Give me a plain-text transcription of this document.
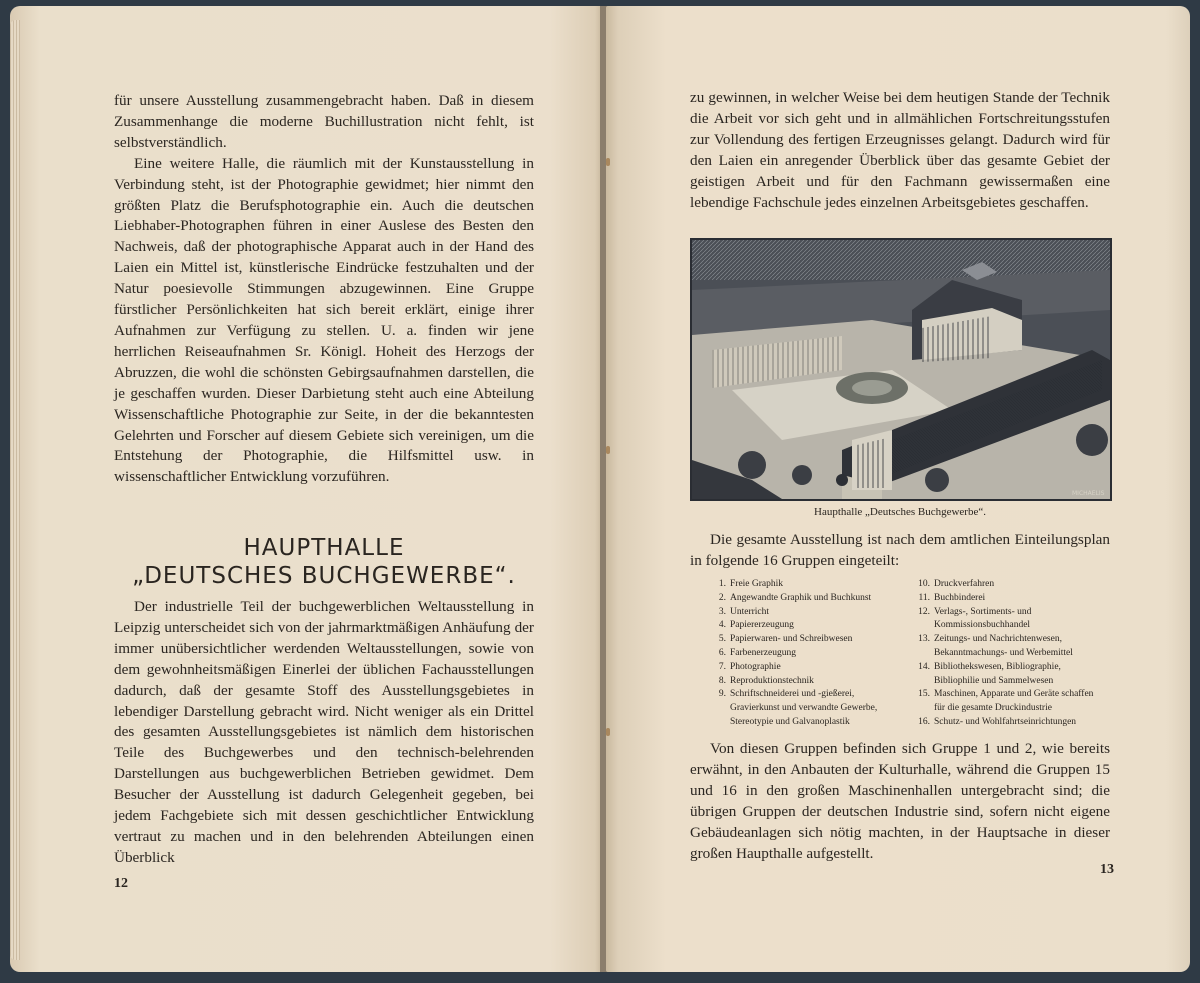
für unsere Ausstellung zusammengebracht haben. Daß in diesem Zusammenhange die moderne Buchillustration nicht fehlt, ist selbstverständlich.

Eine weitere Halle, die räumlich mit der Kunstausstellung in Verbindung steht, ist der Photographie gewidmet; hier nimmt den größten Platz die Berufsphotographie ein. Auch die deutschen Liebhaber-Photographen führen in einer Auslese des Besten den Nachweis, daß der photographische Apparat auch in der Hand des Laien ein Mittel ist, künstlerische Eindrücke festzuhalten und der Natur poesievolle Stimmungen abzugewinnen. Eine Gruppe fürstlicher Persönlichkeiten hat sich bereit erklärt, einige ihrer Aufnahmen zur Verfügung zu stellen. U. a. finden wir jene herrlichen Reiseaufnahmen Sr. Königl. Hoheit des Herzogs der Abruzzen, die wohl die schönsten Gebirgsaufnahmen darstellen, die je geschaffen wurden. Dieser Darbietung steht auch eine Abteilung Wissenschaftliche Photographie zur Seite, in der die bekanntesten Gelehrten und Forscher auf diesem Gebiete sich vereinigen, um die Entstehung der Photographie, die Hilfsmittel usw. in wissenschaftlicher Entwicklung vorzuführen.

HAUPTHALLE
„DEUTSCHES BUCHGEWERBE“.

Der industrielle Teil der buchgewerblichen Weltausstellung in Leipzig unterscheidet sich von der jahrmarktmäßigen Anhäufung der immer unübersichtlicher werdenden Weltausstellungen, sowie von dem gewohnheitsmäßigen Einerlei der üblichen Fachausstellungen dadurch, daß der gesamte Stoff des Ausstellungsgebietes in lebendiger Darstellung gebracht wird. Nicht weniger als ein Drittel des gesamten Ausstellungsgebietes ist nämlich dem historischen Teile des Buchgewerbes und den technisch-belehrenden Darstellungen aus buchgewerblichen Betrieben gewidmet. Dem Besucher der Ausstellung ist dadurch Gelegenheit gegeben, bei jedem Fachgebiete sich mit dessen geschichtlicher Entwicklung vertraut zu machen und in den belehrenden Abteilungen einen Überblick

12

zu gewinnen, in welcher Weise bei dem heutigen Stande der Technik die Arbeit vor sich geht und in allmählichen Fortschreitungsstufen zur Vollendung des fertigen Erzeugnisses gelangt. Dadurch wird für den Laien ein anregender Überblick über das gesamte Gebiet der geistigen Arbeit und für den Fachmann gewissermaßen eine lebendige Fachschule jedes einzelnen Arbeitsgebietes geschaffen.

MICHAELIS
Haupthalle „Deutsches Buchgewerbe“.

Die gesamte Ausstellung ist nach dem amtlichen Einteilungsplan in folgende 16 Gruppen eingeteilt:

1. Freie Graphik
2. Angewandte Graphik und Buchkunst
3. Unterricht
4. Papiererzeugung
5. Papierwaren- und Schreibwesen
6. Farbenerzeugung
7. Photographie
8. Reproduktionstechnik
9. Schriftschneiderei und -gießerei, Gravierkunst und verwandte Gewerbe, Stereotypie und Galvanoplastik
10. Druckverfahren
11. Buchbinderei
12. Verlags-, Sortiments- und Kommissionsbuchhandel
13. Zeitungs- und Nachrichtenwesen, Bekanntmachungs- und Werbemittel
14. Bibliothekswesen, Bibliographie, Bibliophilie und Sammelwesen
15. Maschinen, Apparate und Geräte schaffen für die gesamte Druckindustrie
16. Schutz- und Wohlfahrtseinrichtungen

Von diesen Gruppen befinden sich Gruppe 1 und 2, wie bereits erwähnt, in den Anbauten der Kulturhalle, während die Gruppen 15 und 16 in den großen Maschinenhallen untergebracht sind; die übrigen Gruppen der deutschen Industrie sind, sofern nicht eigene Gebäudeanlagen sich nötig machten, in der Hauptsache in dieser großen Haupthalle aufgestellt.

13
